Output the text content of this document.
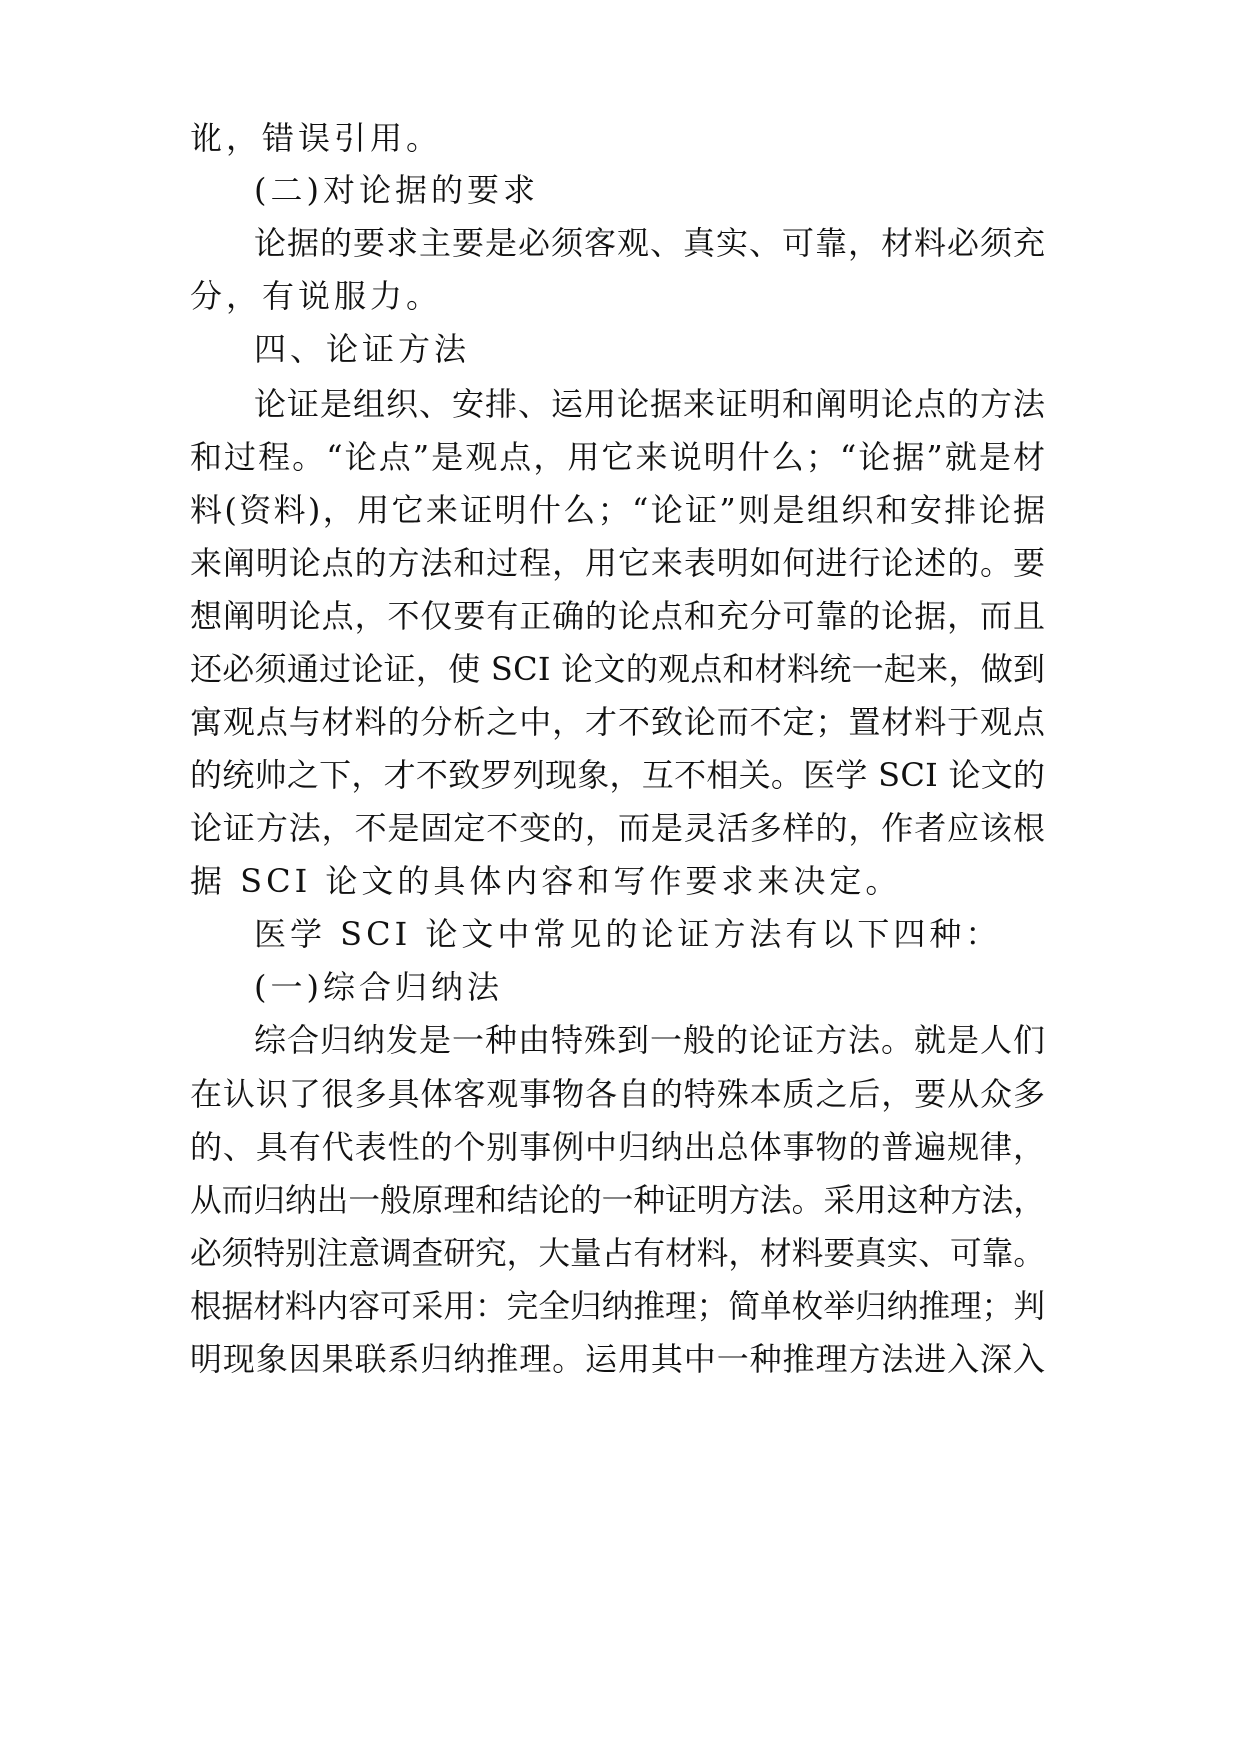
讹，错误引用。
(二)对论据的要求
论据的要求主要是必须客观、真实、可靠，材料必须充
分，有说服力。
四、论证方法
论证是组织、安排、运用论据来证明和阐明论点的方法
和过程。“论点”是观点，用它来说明什么；“论据”就是材
料(资料)，用它来证明什么；“论证”则是组织和安排论据
来阐明论点的方法和过程，用它来表明如何进行论述的。要
想阐明论点，不仅要有正确的论点和充分可靠的论据，而且
还必须通过论证，使 SCI 论文的观点和材料统一起来，做到
寓观点与材料的分析之中，才不致论而不定；置材料于观点
的统帅之下，才不致罗列现象，互不相关。医学 SCI 论文的
论证方法，不是固定不变的，而是灵活多样的，作者应该根
据 SCI 论文的具体内容和写作要求来决定。
医学 SCI 论文中常见的论证方法有以下四种：
(一)综合归纳法
综合归纳发是一种由特殊到一般的论证方法。就是人们
在认识了很多具体客观事物各自的特殊本质之后，要从众多
的、具有代表性的个别事例中归纳出总体事物的普遍规律，
从而归纳出一般原理和结论的一种证明方法。采用这种方法，
必须特别注意调查研究，大量占有材料，材料要真实、可靠。
根据材料内容可采用：完全归纳推理；简单枚举归纳推理；判
明现象因果联系归纳推理。运用其中一种推理方法进入深入
